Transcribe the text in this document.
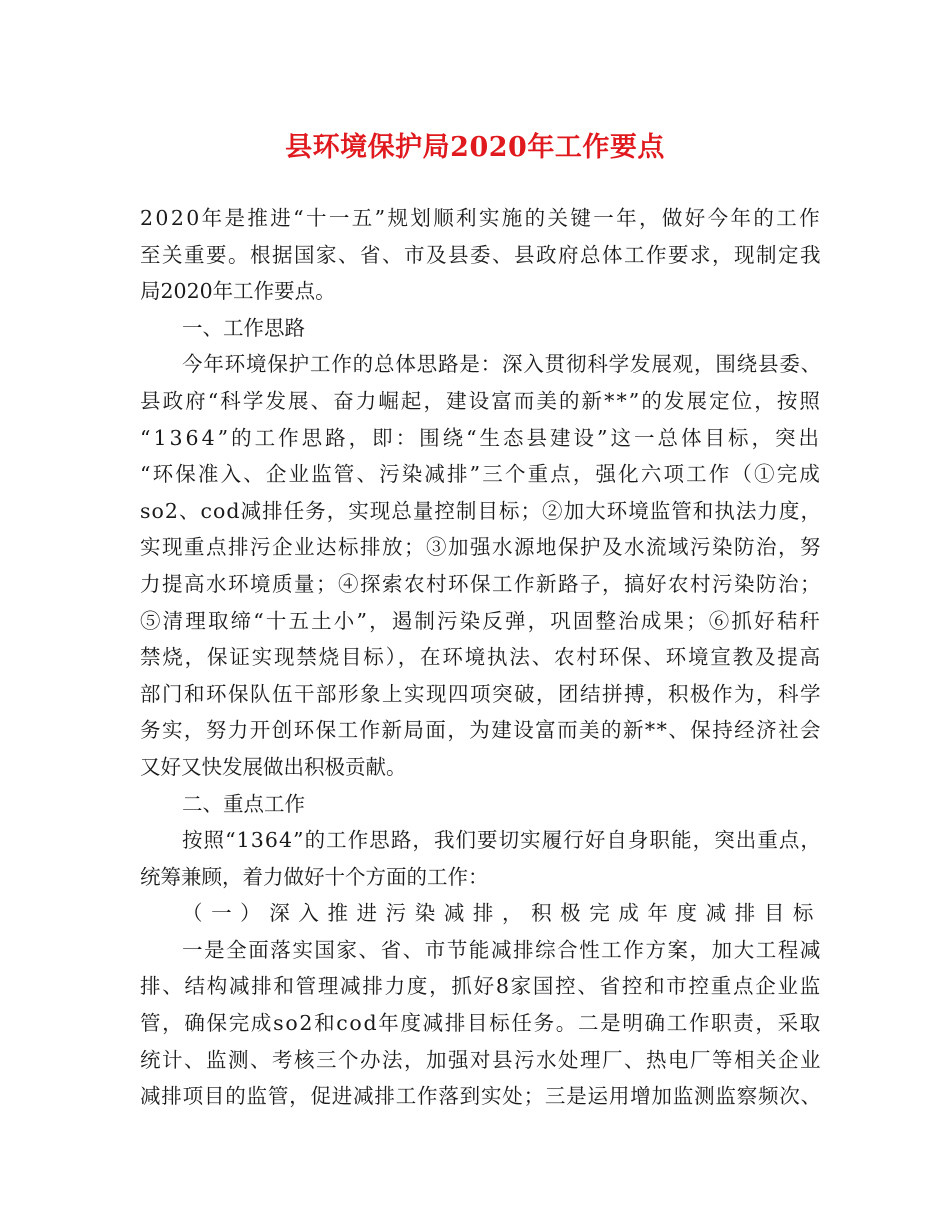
县环境保护局2020年工作要点
2020年是推进“十一五”规划顺利实施的关键一年，做好今年的工作
至关重要。根据国家、省、市及县委、县政府总体工作要求，现制定我
局2020年工作要点。
一、工作思路
今年环境保护工作的总体思路是：深入贯彻科学发展观，围绕县委、
县政府“科学发展、奋力崛起，建设富而美的新**”的发展定位，按照
“1364”的工作思路，即：围绕“生态县建设”这一总体目标，突出
“环保准入、企业监管、污染减排”三个重点，强化六项工作（①完成
so2、cod减排任务，实现总量控制目标；②加大环境监管和执法力度，
实现重点排污企业达标排放；③加强水源地保护及水流域污染防治，努
力提高水环境质量；④探索农村环保工作新路子，搞好农村污染防治；
⑤清理取缔“十五土小”，遏制污染反弹，巩固整治成果；⑥抓好秸秆
禁烧，保证实现禁烧目标），在环境执法、农村环保、环境宣教及提高
部门和环保队伍干部形象上实现四项突破，团结拼搏，积极作为，科学
务实，努力开创环保工作新局面，为建设富而美的新**、保持经济社会
又好又快发展做出积极贡献。
二、重点工作
按照“1364”的工作思路，我们要切实履行好自身职能，突出重点，
统筹兼顾，着力做好十个方面的工作：
（一）深入推进污染减排，积极完成年度减排目标
一是全面落实国家、省、市节能减排综合性工作方案，加大工程减
排、结构减排和管理减排力度，抓好8家国控、省控和市控重点企业监
管，确保完成so2和cod年度减排目标任务。二是明确工作职责，采取
统计、监测、考核三个办法，加强对县污水处理厂、热电厂等相关企业
减排项目的监管，促进减排工作落到实处；三是运用增加监测监察频次、
